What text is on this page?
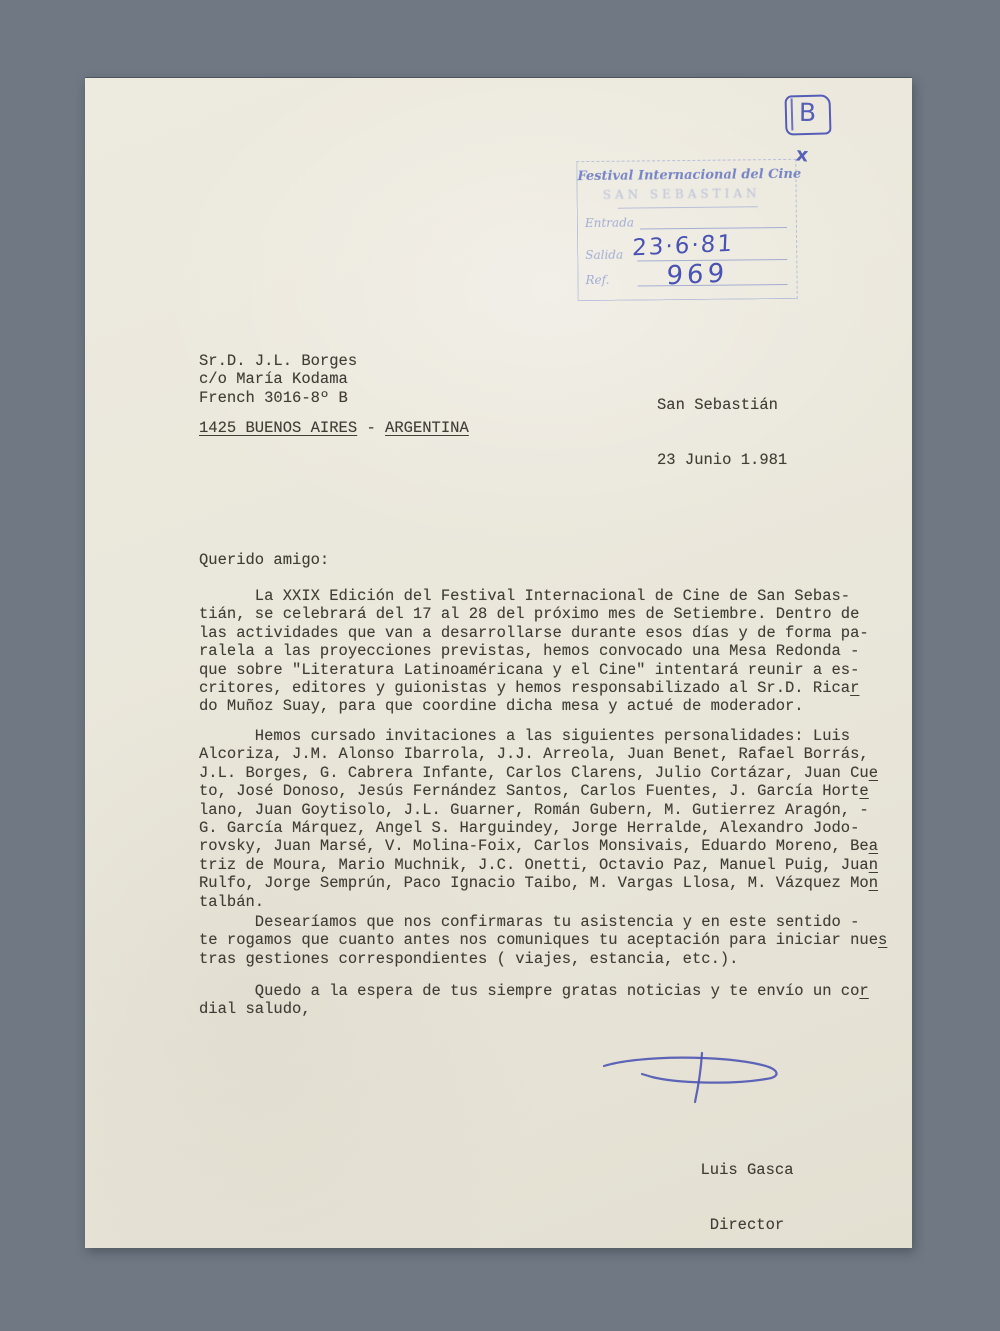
B
x
Festival Internacional del Cine
SAN SEBASTIAN
Entrada
Salida
Ref.
23·6·81
969
Sr.D. J.L. Borges
c/o María Kodama
French 3016-8º B
1425 BUENOS AIRES - ARGENTINA

San Sebastián

23 Junio 1.981

Querido amigo:
La XXIX Edición del Festival Internacional de Cine de San Sebas-
tián, se celebrará del 17 al 28 del próximo mes de Setiembre. Dentro de
las actividades que van a desarrollarse durante esos días y de forma pa-
ralela a las proyecciones previstas, hemos convocado una Mesa Redonda -
que sobre "Literatura Latinoaméricana y el Cine" intentará reunir a es-
critores, editores y guionistas y hemos responsabilizado al Sr.D. Ricar
do Muñoz Suay, para que coordine dicha mesa y actué de moderador.
Hemos cursado invitaciones a las siguientes personalidades: Luis
Alcoriza, J.M. Alonso Ibarrola, J.J. Arreola, Juan Benet, Rafael Borrás,
J.L. Borges, G. Cabrera Infante, Carlos Clarens, Julio Cortázar, Juan Cue
to, José Donoso, Jesús Fernández Santos, Carlos Fuentes, J. García Horte
lano, Juan Goytisolo, J.L. Guarner, Román Gubern, M. Gutierrez Aragón, -
G. García Márquez, Angel S. Harguindey, Jorge Herralde, Alexandro Jodo-
rovsky, Juan Marsé, V. Molina-Foix, Carlos Monsivais, Eduardo Moreno, Bea
triz de Moura, Mario Muchnik, J.C. Onetti, Octavio Paz, Manuel Puig, Juan
Rulfo, Jorge Semprún, Paco Ignacio Taibo, M. Vargas Llosa, M. Vázquez Mon
talbán.
Desearíamos que nos confirmaras tu asistencia y en este sentido -
te rogamos que cuanto antes nos comuniques tu aceptación para iniciar nues
tras gestiones correspondientes ( viajes, estancia, etc.).
Quedo a la espera de tus siempre gratas noticias y te envío un cor
dial saludo,

Luis Gasca

Director
